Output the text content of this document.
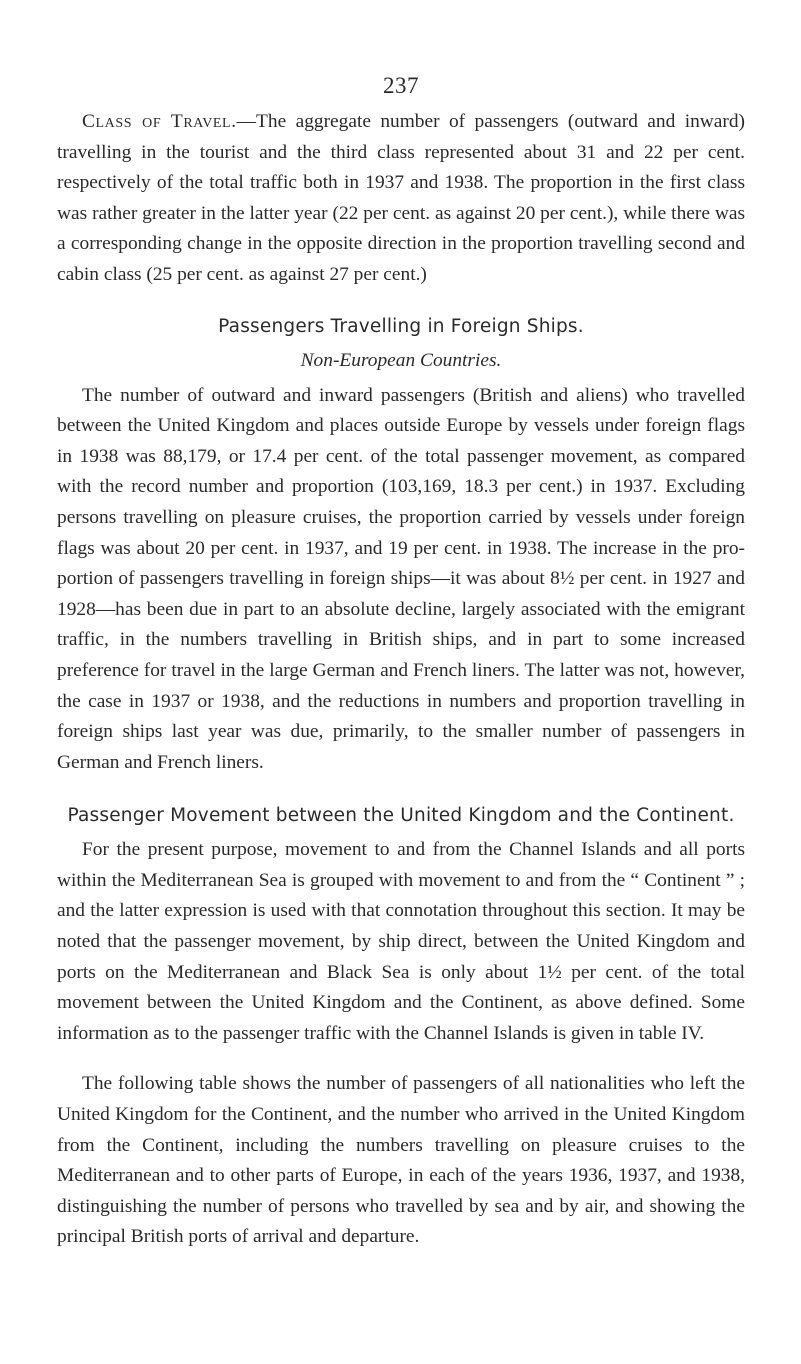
237

Class of Travel.—The aggregate number of passengers (outward and inward) travelling in the tourist and the third class represented about 31 and 22 per cent. respectively of the total traffic both in 1937 and 1938. The proportion in the first class was rather greater in the latter year (22 per cent. as against 20 per cent.), while there was a corresponding change in the opposite direction in the proportion travelling second and cabin class (25 per cent. as against 27 per cent.)

Passengers Travelling in Foreign Ships.
Non-European Countries.

The number of outward and inward passengers (British and aliens) who travelled between the United Kingdom and places outside Europe by vessels under foreign flags in 1938 was 88,179, or 17.4 per cent. of the total passenger movement, as compared with the record number and proportion (103,169, 18.3 per cent.) in 1937. Excluding persons travelling on pleasure cruises, the proportion carried by vessels under foreign flags was about 20 per cent. in 1937, and 19 per cent. in 1938. The increase in the pro-portion of passengers travelling in foreign ships—it was about 8½ per cent. in 1927 and 1928—has been due in part to an absolute decline, largely associated with the emigrant traffic, in the numbers travelling in British ships, and in part to some increased preference for travel in the large German and French liners. The latter was not, however, the case in 1937 or 1938, and the reductions in numbers and proportion travelling in foreign ships last year was due, primarily, to the smaller number of passengers in German and French liners.

Passenger Movement between the United Kingdom and the Continent.

For the present purpose, movement to and from the Channel Islands and all ports within the Mediterranean Sea is grouped with movement to and from the “ Continent ” ; and the latter expression is used with that connotation throughout this section. It may be noted that the passenger movement, by ship direct, between the United Kingdom and ports on the Mediterranean and Black Sea is only about 1½ per cent. of the total movement between the United Kingdom and the Continent, as above defined. Some information as to the passenger traffic with the Channel Islands is given in table IV.

The following table shows the number of passengers of all nationalities who left the United Kingdom for the Continent, and the number who arrived in the United Kingdom from the Continent, including the numbers travelling on pleasure cruises to the Mediterranean and to other parts of Europe, in each of the years 1936, 1937, and 1938, distinguishing the number of persons who travelled by sea and by air, and showing the principal British ports of arrival and departure.
